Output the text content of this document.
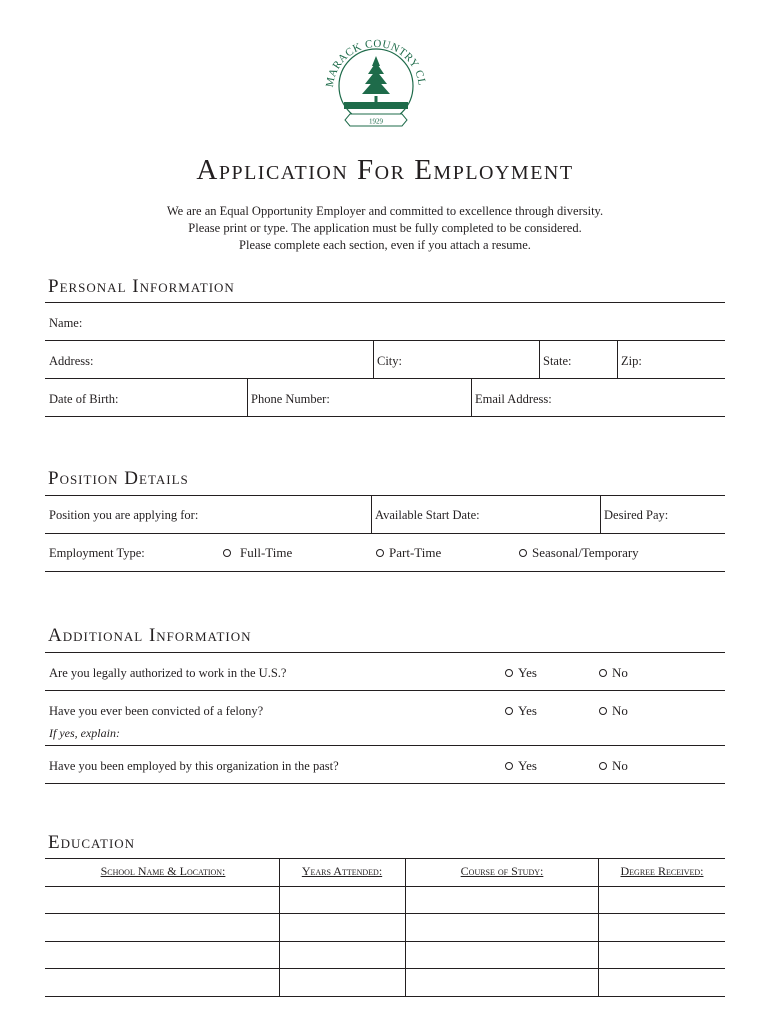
MARACK COUNTRY CL
1929
Application For Employment
We are an Equal Opportunity Employer and committed to excellence through diversity.
Please print or type. The application must be fully completed to be considered.
Please complete each section, even if you attach a resume.
Personal Information
Name:
Address:	City:	State:	Zip:
Date of Birth:	Phone Number:	Email Address:
Position Details
Position you are applying for:	Available Start Date:	Desired Pay:
Employment Type:	Full-Time	Part-Time	Seasonal/Temporary
Additional Information
Are you legally authorized to work in the U.S.?	Yes	No
Have you ever been convicted of a felony?	Yes	No
If yes, explain:
Have you been employed by this organization in the past?	Yes	No
Education
School Name & Location:	Years Attended:	Course of Study:	Degree Received:
